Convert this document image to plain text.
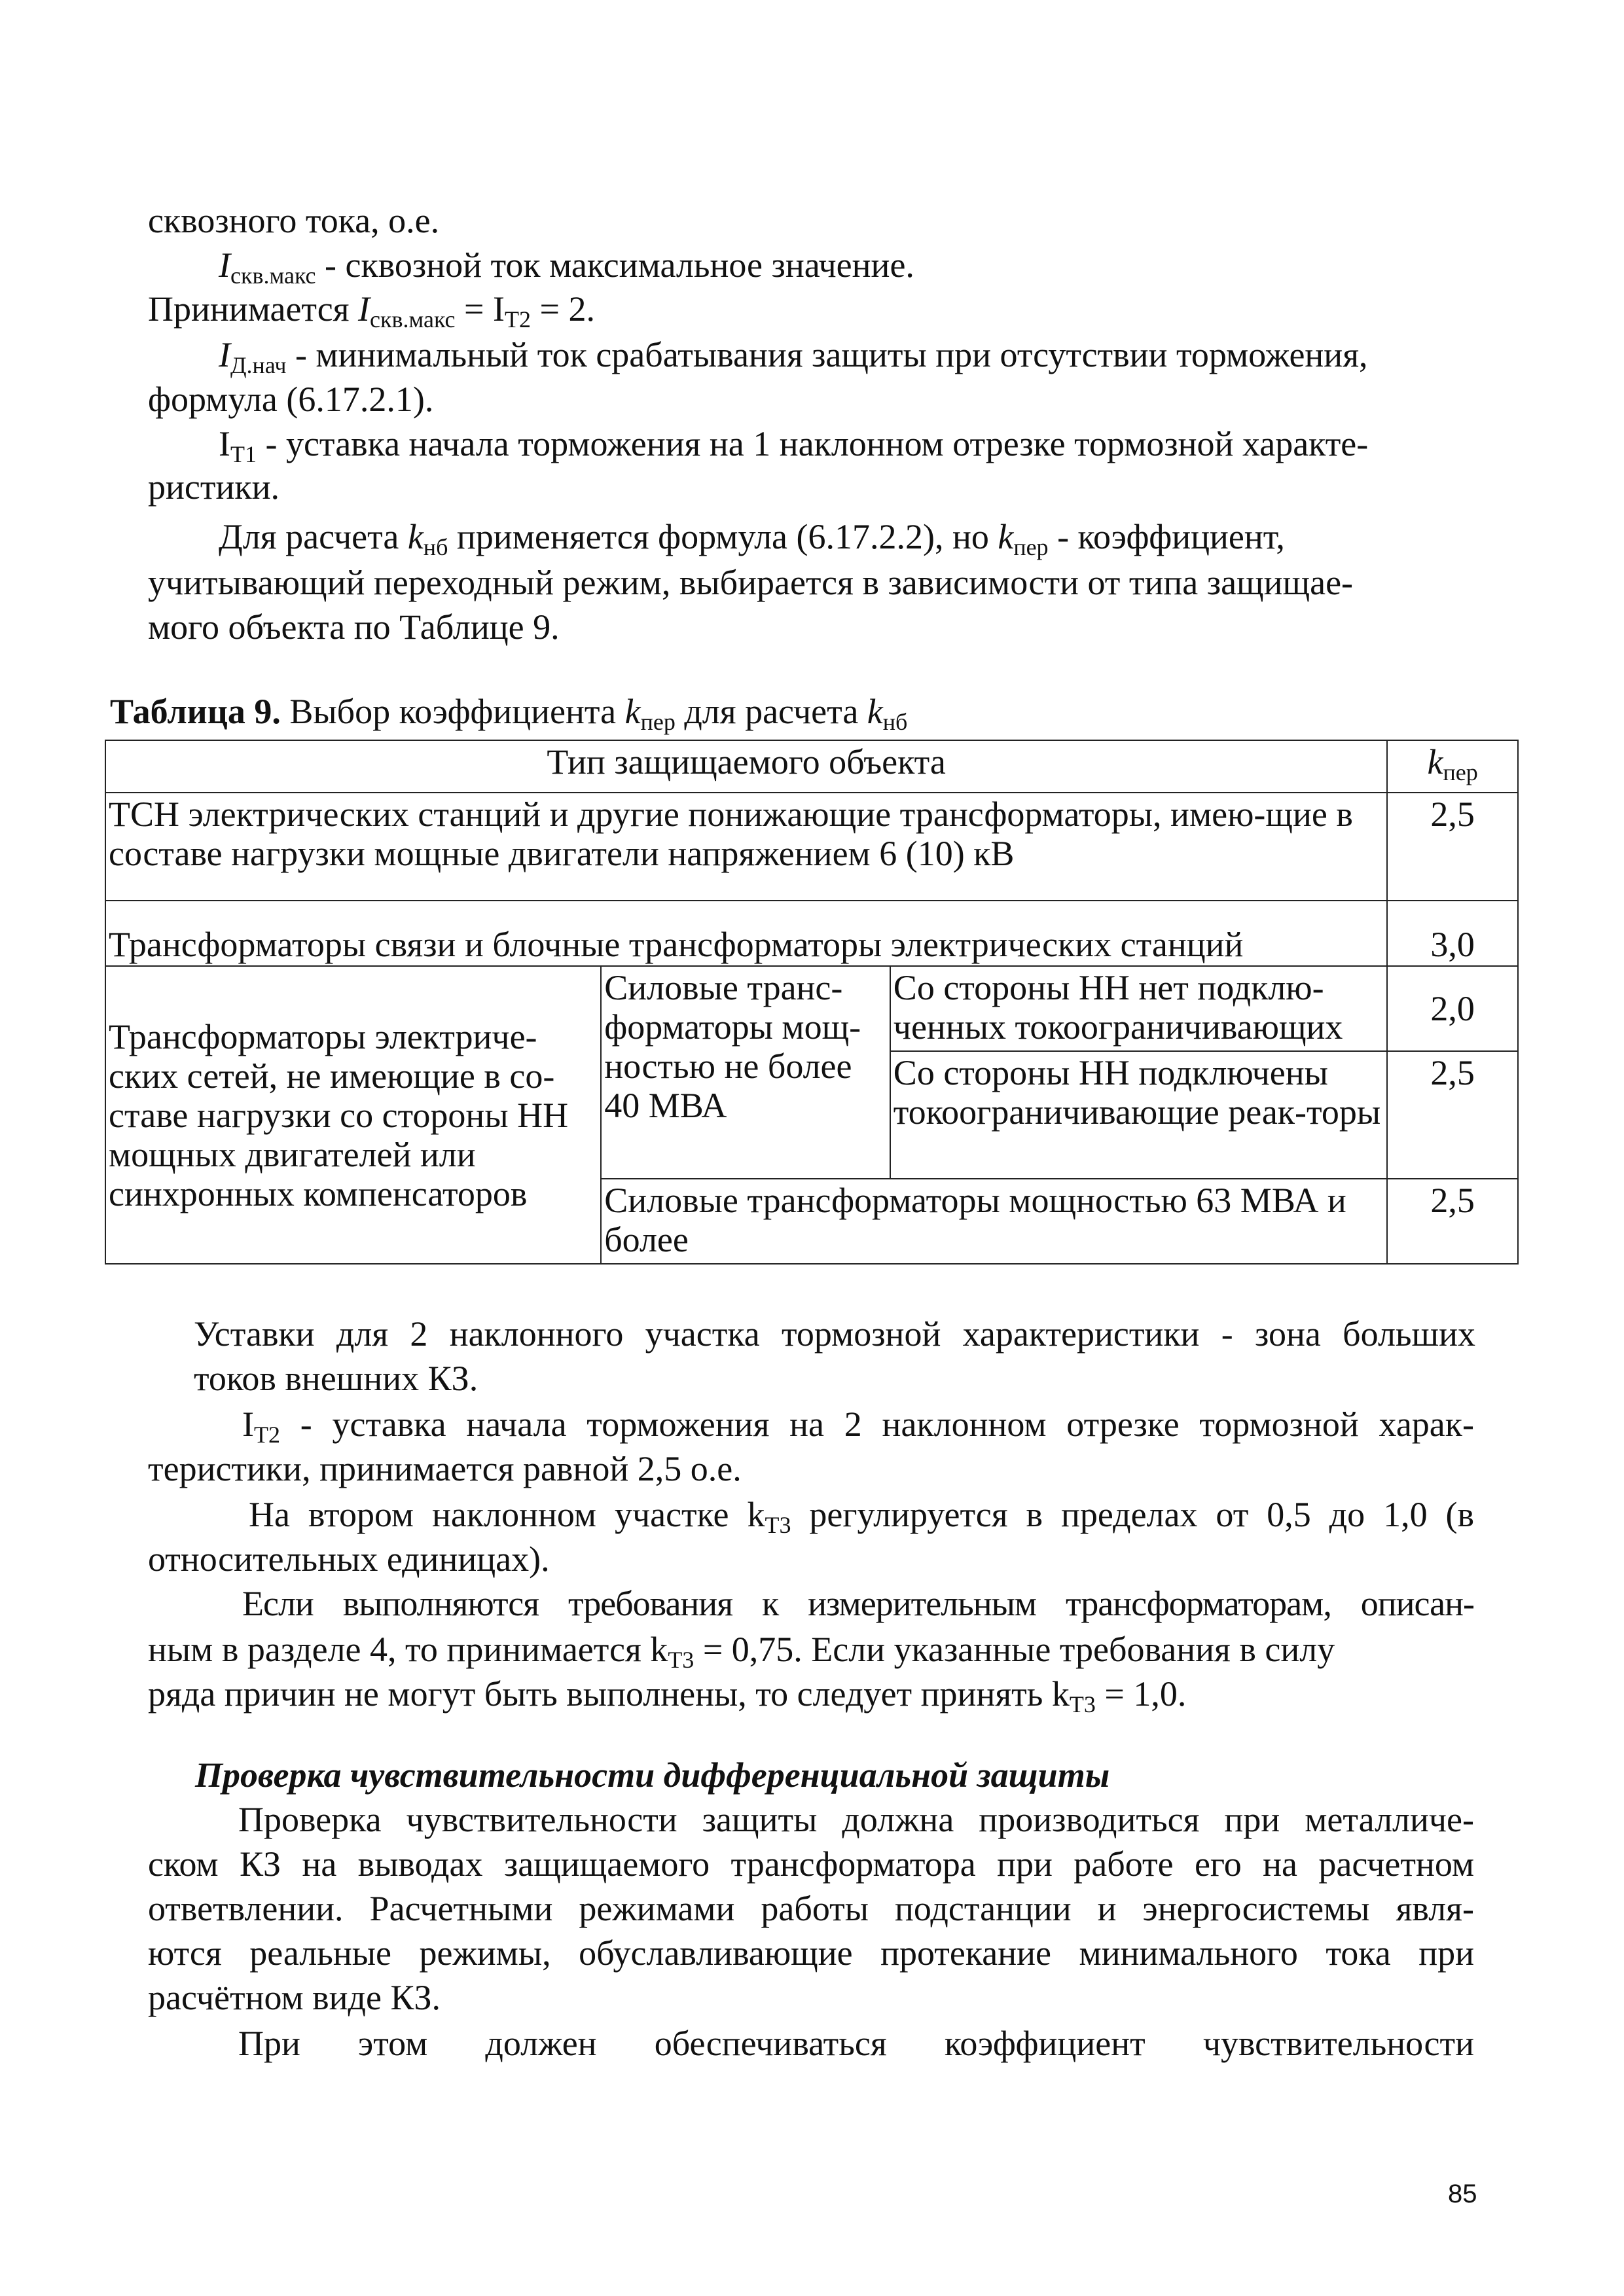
сквозного тока, о.е.
$I_{скв.макс}$ - сквозной ток максимальное значение.
Принимается $I_{скв.макс} = I_{Т2} = 2$.
$I_{Д.нач}$ - минимальный ток срабатывания защиты при отсутствии торможения,
формула (6.17.2.1).
$I_{Т1}$ - уставка начала торможения на 1 наклонном отрезке тормозной характе-
ристики.
Для расчета $k_{нб}$ применяется формула (6.17.2.2), но $k_{пер}$ - коэффициент,
учитывающий переходный режим, выбирается в зависимости от типа защищае-
мого объекта по Таблице 9.
Таблица 9. Выбор коэффициента $k_{пер}$ для расчета $k_{нб}$
Тип защищаемого объекта			$k_{пер}$
ТСН электрических станций и другие понижающие трансформаторы, имею-щие в составе нагрузки мощные двигатели напряжением 6 (10) кВ			2,5
Трансформаторы связи и блочные трансформаторы электрических станций			3,0
Трансформаторы электриче-ских сетей, не имеющие в со-ставе нагрузки со стороны НН мощных двигателей или синхронных компенсаторов	Силовые транс-форматоры мощ-ностью не более 40 МВА	Со стороны НН нет подклю-ченных токоограничивающих	2,0
		Со стороны НН подключены токоограничивающие реак-торы	2,5
	Силовые трансформаторы мощностью 63 МВА и более		2,5
Уставки для 2 наклонного участка тормозной характеристики - зона больших
токов внешних КЗ.
$I_{Т2}$ - уставка начала торможения на 2 наклонном отрезке тормозной харак-
теристики, принимается равной 2,5 о.е.
На втором наклонном участке $k_{Т3}$ регулируется в пределах от 0,5 до 1,0 (в
относительных единицах).
Если выполняются требования к измерительным трансформаторам, описан-
ным в разделе 4, то принимается $k_{Т3} = 0,75$. Если указанные требования в силу
ряда причин не могут быть выполнены, то следует принять $k_{Т3} = 1,0$.
Проверка чувствительности дифференциальной защиты
Проверка чувствительности защиты должна производиться при металличе-
ском КЗ на выводах защищаемого трансформатора при работе его на расчетном
ответвлении. Расчетными режимами работы подстанции и энергосистемы явля-
ются реальные режимы, обуславливающие протекание минимального тока при
расчётном виде КЗ.
При этом должен обеспечиваться коэффициент чувствительности
85
